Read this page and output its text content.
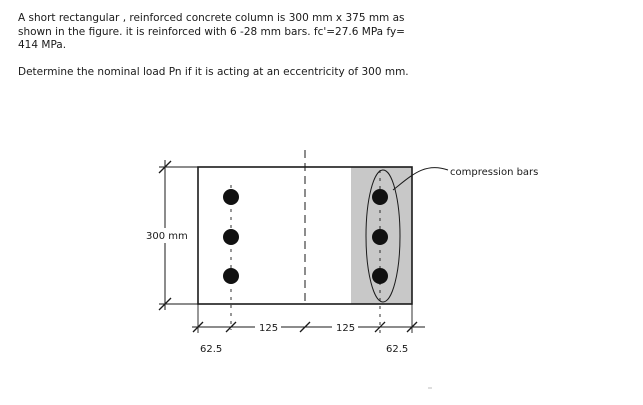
A short rectangular , reinforced concrete column is 300 mm x 375 mm as shown in the figure. it is reinforced with 6 -28 mm bars. fc'=27.6 MPa fy= 414 MPa.

Determine the nominal load Pn if it is acting at an eccentricity of 300 mm.

compression bars
300 mm
125	125
62.5	62.5
